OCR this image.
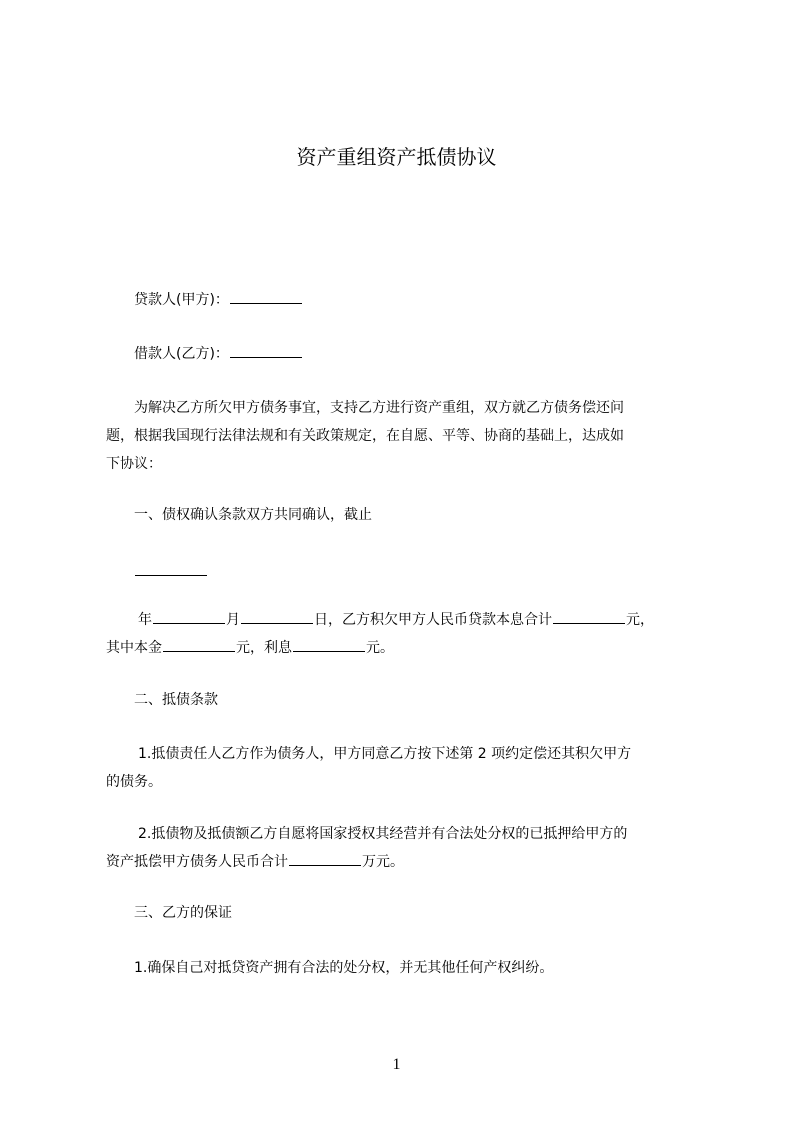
资产重组资产抵债协议
贷款人(甲方)：
借款人(乙方)：
为解决乙方所欠甲方债务事宜，支持乙方进行资产重组，双方就乙方债务偿还问
题，根据我国现行法律法规和有关政策规定，在自愿、平等、协商的基础上，达成如
下协议：
一、债权确认条款双方共同确认，截止
年	月	日，乙方积欠甲方人民币贷款本息合计	元，
其中本金	元，利息	元。
二、抵债条款
1.抵债责任人乙方作为债务人，甲方同意乙方按下述第 2 项约定偿还其积欠甲方
的债务。
2.抵债物及抵债额乙方自愿将国家授权其经营并有合法处分权的已抵押给甲方的
资产抵偿甲方债务人民币合计	万元。
三、乙方的保证
1.确保自己对抵贷资产拥有合法的处分权，并无其他任何产权纠纷。
1
